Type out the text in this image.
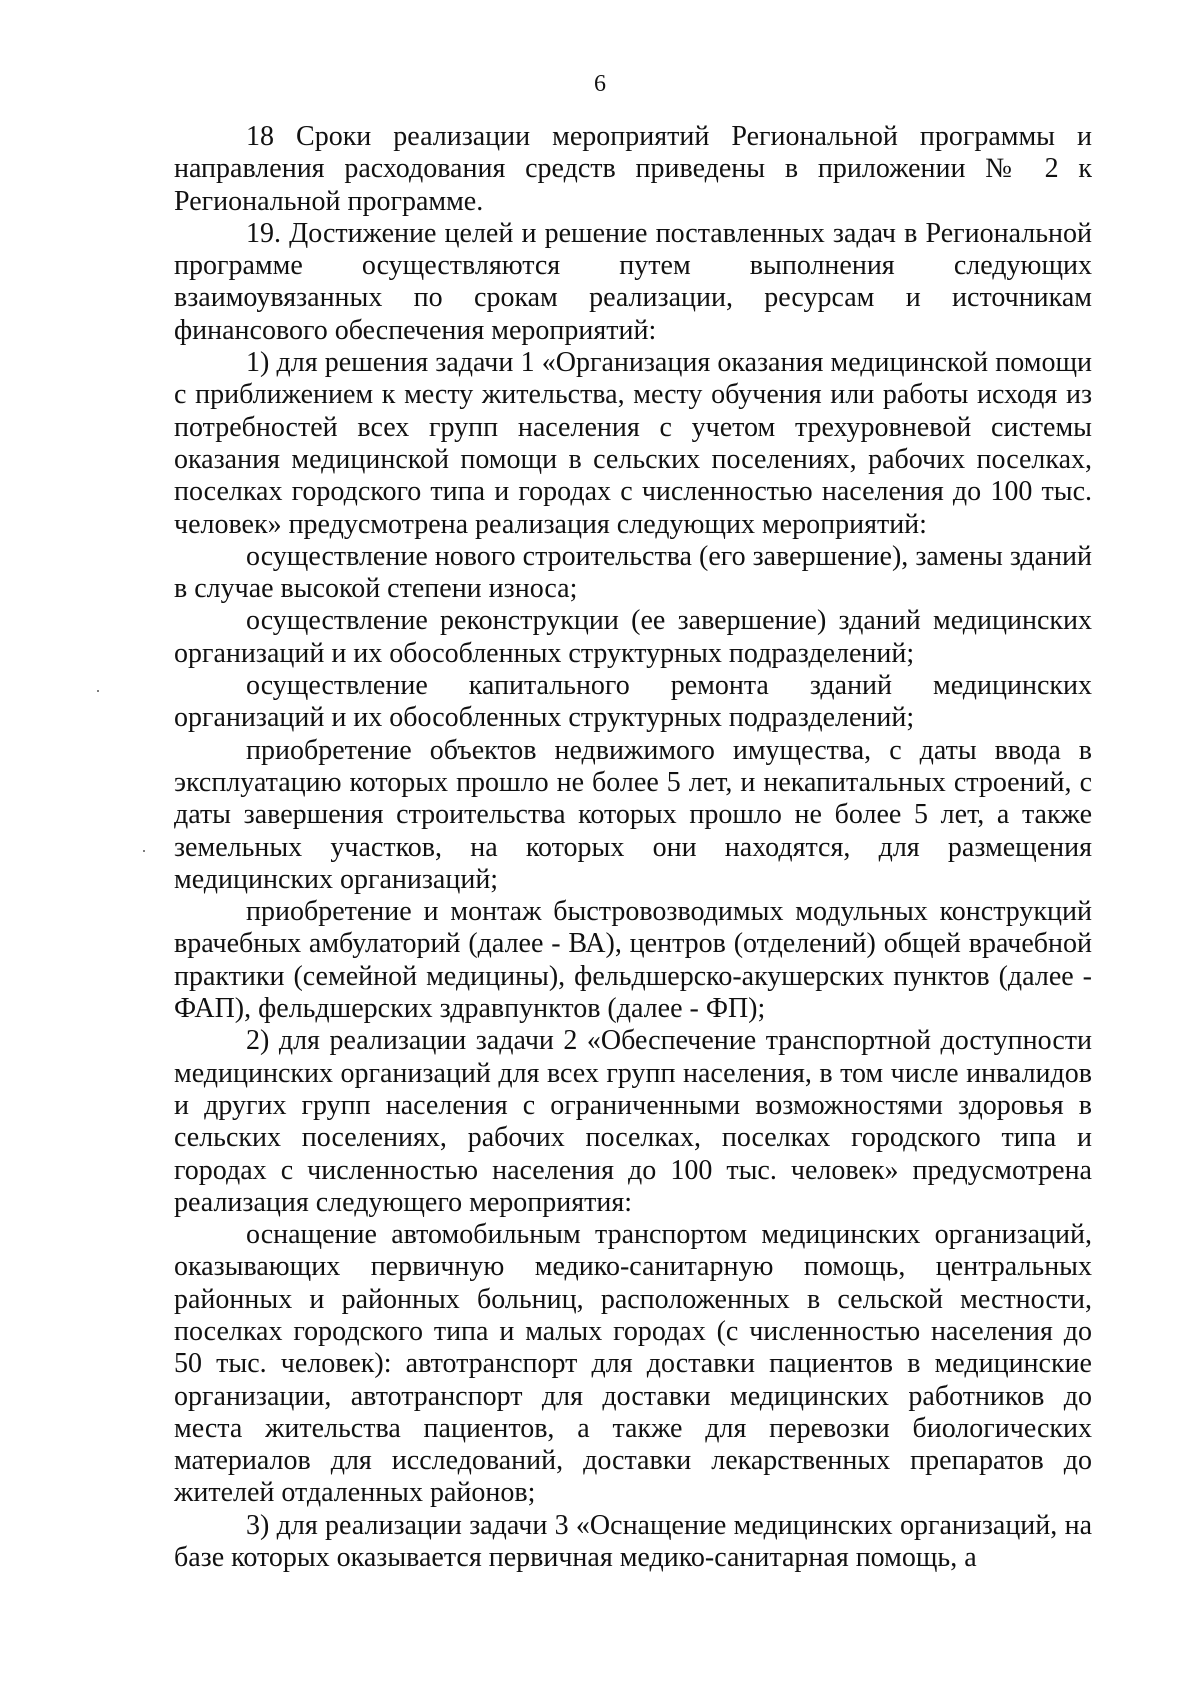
6

18 Сроки реализации мероприятий Региональной программы и направления расходования средств приведены в приложении № 2 к Региональной программе.

19. Достижение целей и решение поставленных задач в Региональной программе осуществляются путем выполнения следующих взаимоувязанных по срокам реализации, ресурсам и источникам финансового обеспечения мероприятий:

1) для решения задачи 1 «Организация оказания медицинской помощи с приближением к месту жительства, месту обучения или работы исходя из потребностей всех групп населения с учетом трехуровневой системы оказания медицинской помощи в сельских поселениях, рабочих поселках, поселках городского типа и городах с численностью населения до 100 тыс. человек» предусмотрена реализация следующих мероприятий:

осуществление нового строительства (его завершение), замены зданий в случае высокой степени износа;

осуществление реконструкции (ее завершение) зданий медицинских организаций и их обособленных структурных подразделений;

осуществление капитального ремонта зданий медицинских организаций и их обособленных структурных подразделений;

приобретение объектов недвижимого имущества, с даты ввода в эксплуатацию которых прошло не более 5 лет, и некапитальных строений, с даты завершения строительства которых прошло не более 5 лет, а также земельных участков, на которых они находятся, для размещения медицинских организаций;

приобретение и монтаж быстровозводимых модульных конструкций врачебных амбулаторий (далее - ВА), центров (отделений) общей врачебной практики (семейной медицины), фельдшерско-акушерских пунктов (далее - ФАП), фельдшерских здравпунктов (далее - ФП);

2) для реализации задачи 2 «Обеспечение транспортной доступности медицинских организаций для всех групп населения, в том числе инвалидов и других групп населения с ограниченными возможностями здоровья в сельских поселениях, рабочих поселках, поселках городского типа и городах с численностью населения до 100 тыс. человек» предусмотрена реализация следующего мероприятия:

оснащение автомобильным транспортом медицинских организаций, оказывающих первичную медико-санитарную помощь, центральных районных и районных больниц, расположенных в сельской местности, поселках городского типа и малых городах (с численностью населения до 50 тыс. человек): автотранспорт для доставки пациентов в медицинские организации, автотранспорт для доставки медицинских работников до места жительства пациентов, а также для перевозки биологических материалов для исследований, доставки лекарственных препаратов до жителей отдаленных районов;

3) для реализации задачи 3 «Оснащение медицинских организаций, на базе которых оказывается первичная медико-санитарная помощь, а
